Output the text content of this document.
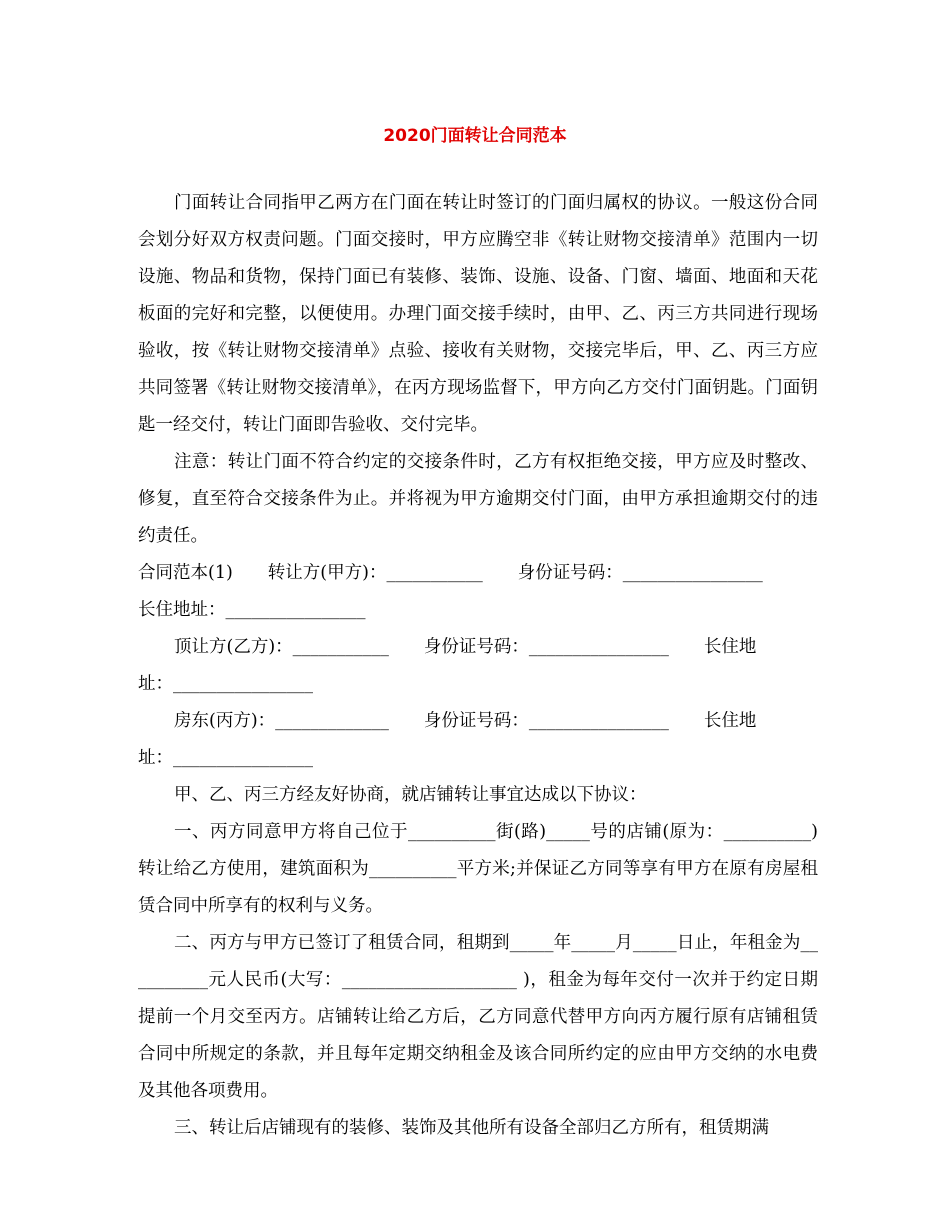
2020门面转让合同范本

门面转让合同指甲乙两方在门面在转让时签订的门面归属权的协议。一般这份合同会划分好双方权责问题。门面交接时，甲方应腾空非《转让财物交接清单》范围内一切设施、物品和货物，保持门面已有装修、装饰、设施、设备、门窗、墙面、地面和天花板面的完好和完整，以便使用。办理门面交接手续时，由甲、乙、丙三方共同进行现场验收，按《转让财物交接清单》点验、接收有关财物，交接完毕后，甲、乙、丙三方应共同签署《转让财物交接清单》，在丙方现场监督下，甲方向乙方交付门面钥匙。门面钥匙一经交付，转让门面即告验收、交付完毕。

注意：转让门面不符合约定的交接条件时，乙方有权拒绝交接，甲方应及时整改、修复，直至符合交接条件为止。并将视为甲方逾期交付门面，由甲方承担逾期交付的违约责任。

合同范本(1)　　转让方(甲方)：___________　　身份证号码：________________

长住地址：________________

顶让方(乙方)：___________　　身份证号码：________________　　长住地

址：________________

房东(丙方)：_____________　　身份证号码：________________　　长住地

址：________________

甲、乙、丙三方经友好协商，就店铺转让事宜达成以下协议：

一、丙方同意甲方将自己位于__________街(路)_____号的店铺(原为：__________)转让给乙方使用，建筑面积为__________平方米;并保证乙方同等享有甲方在原有房屋租赁合同中所享有的权利与义务。

二、丙方与甲方已签订了租赁合同，租期到_____年_____月_____日止，年租金为__________元人民币(大写：____________________ )，租金为每年交付一次并于约定日期提前一个月交至丙方。店铺转让给乙方后，乙方同意代替甲方向丙方履行原有店铺租赁合同中所规定的条款，并且每年定期交纳租金及该合同所约定的应由甲方交纳的水电费及其他各项费用。

三、转让后店铺现有的装修、装饰及其他所有设备全部归乙方所有，租赁期满
